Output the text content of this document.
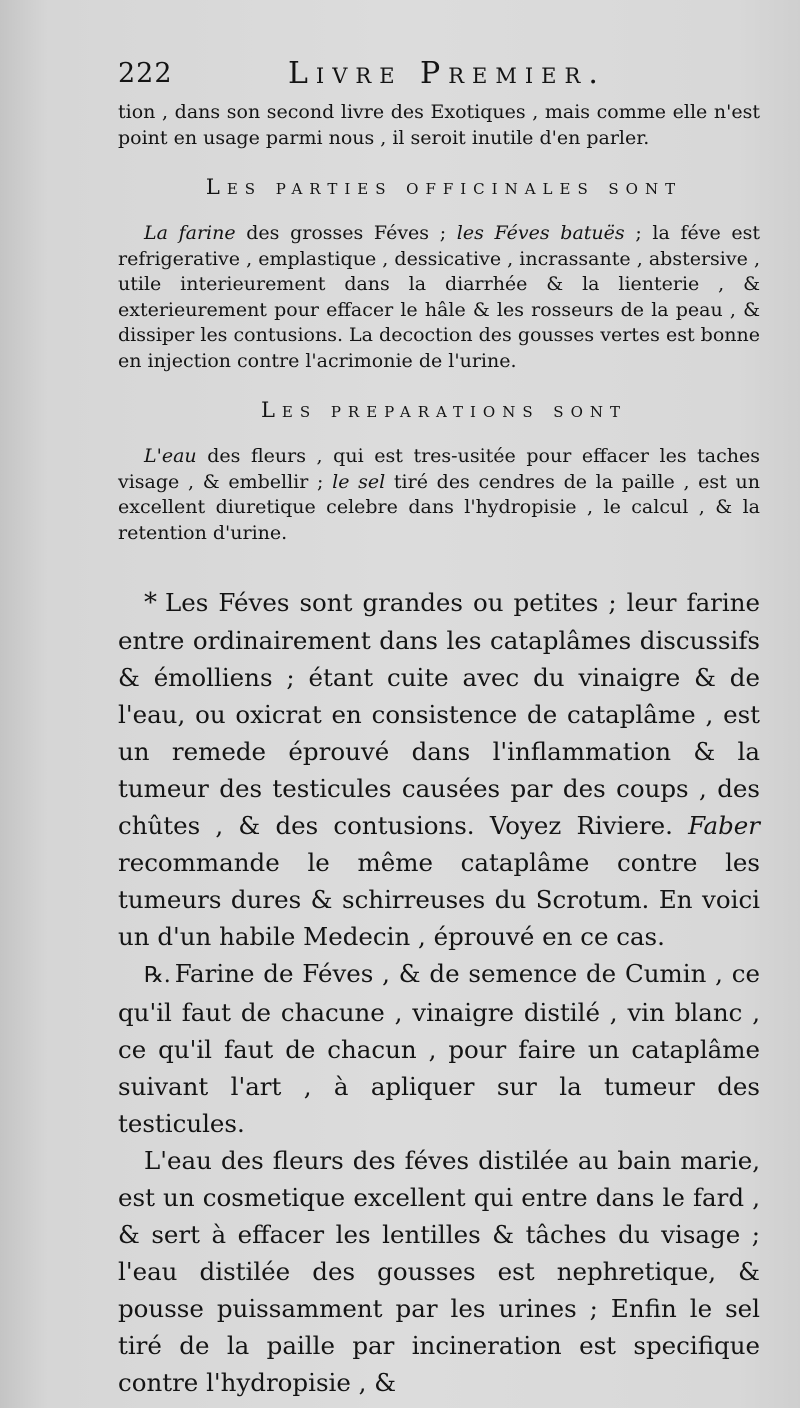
222	Livre Premier.

tion , dans son second livre des Exotiques , mais comme elle n'est point en usage parmi nous , il seroit inutile d'en parler.

Les parties officinales sont

La farine des grosses Féves ; les Féves batuës ; la féve est refrigerative , emplastique , dessicative , incrassante , abstersive , utile interieurement dans la diarrhée & la lienterie , & exterieurement pour effacer le hâle & les rosseurs de la peau , & dissiper les contusions. La decoction des gousses vertes est bonne en injection contre l'acrimonie de l'urine.

Les preparations sont

L'eau des fleurs , qui est tres-usitée pour effacer les taches visage , & embellir ; le sel tiré des cendres de la paille , est un excellent diuretique celebre dans l'hydropisie , le calcul , & la retention d'urine.

* Les Féves sont grandes ou petites ; leur farine entre ordinairement dans les cataplâmes discussifs & émolliens ; étant cuite avec du vinaigre & de l'eau, ou oxicrat en consistence de cataplâme , est un remede éprouvé dans l'inflammation & la tumeur des testicules causées par des coups , des chûtes , & des contusions. Voyez Riviere. Faber recommande le même cataplâme contre les tumeurs dures & schirreuses du Scrotum. En voici un d'un habile Medecin , éprouvé en ce cas.

℞. Farine de Féves , & de semence de Cumin , ce qu'il faut de chacune , vinaigre distilé , vin blanc , ce qu'il faut de chacun , pour faire un cataplâme suivant l'art , à apliquer sur la tumeur des testicules.

L'eau des fleurs des féves distilée au bain marie, est un cosmetique excellent qui entre dans le fard , & sert à effacer les lentilles & tâches du visage ; l'eau distilée des gousses est nephretique, & pousse puissamment par les urines ; Enfin le sel tiré de la paille par incineration est specifique contre l'hydropisie , &
